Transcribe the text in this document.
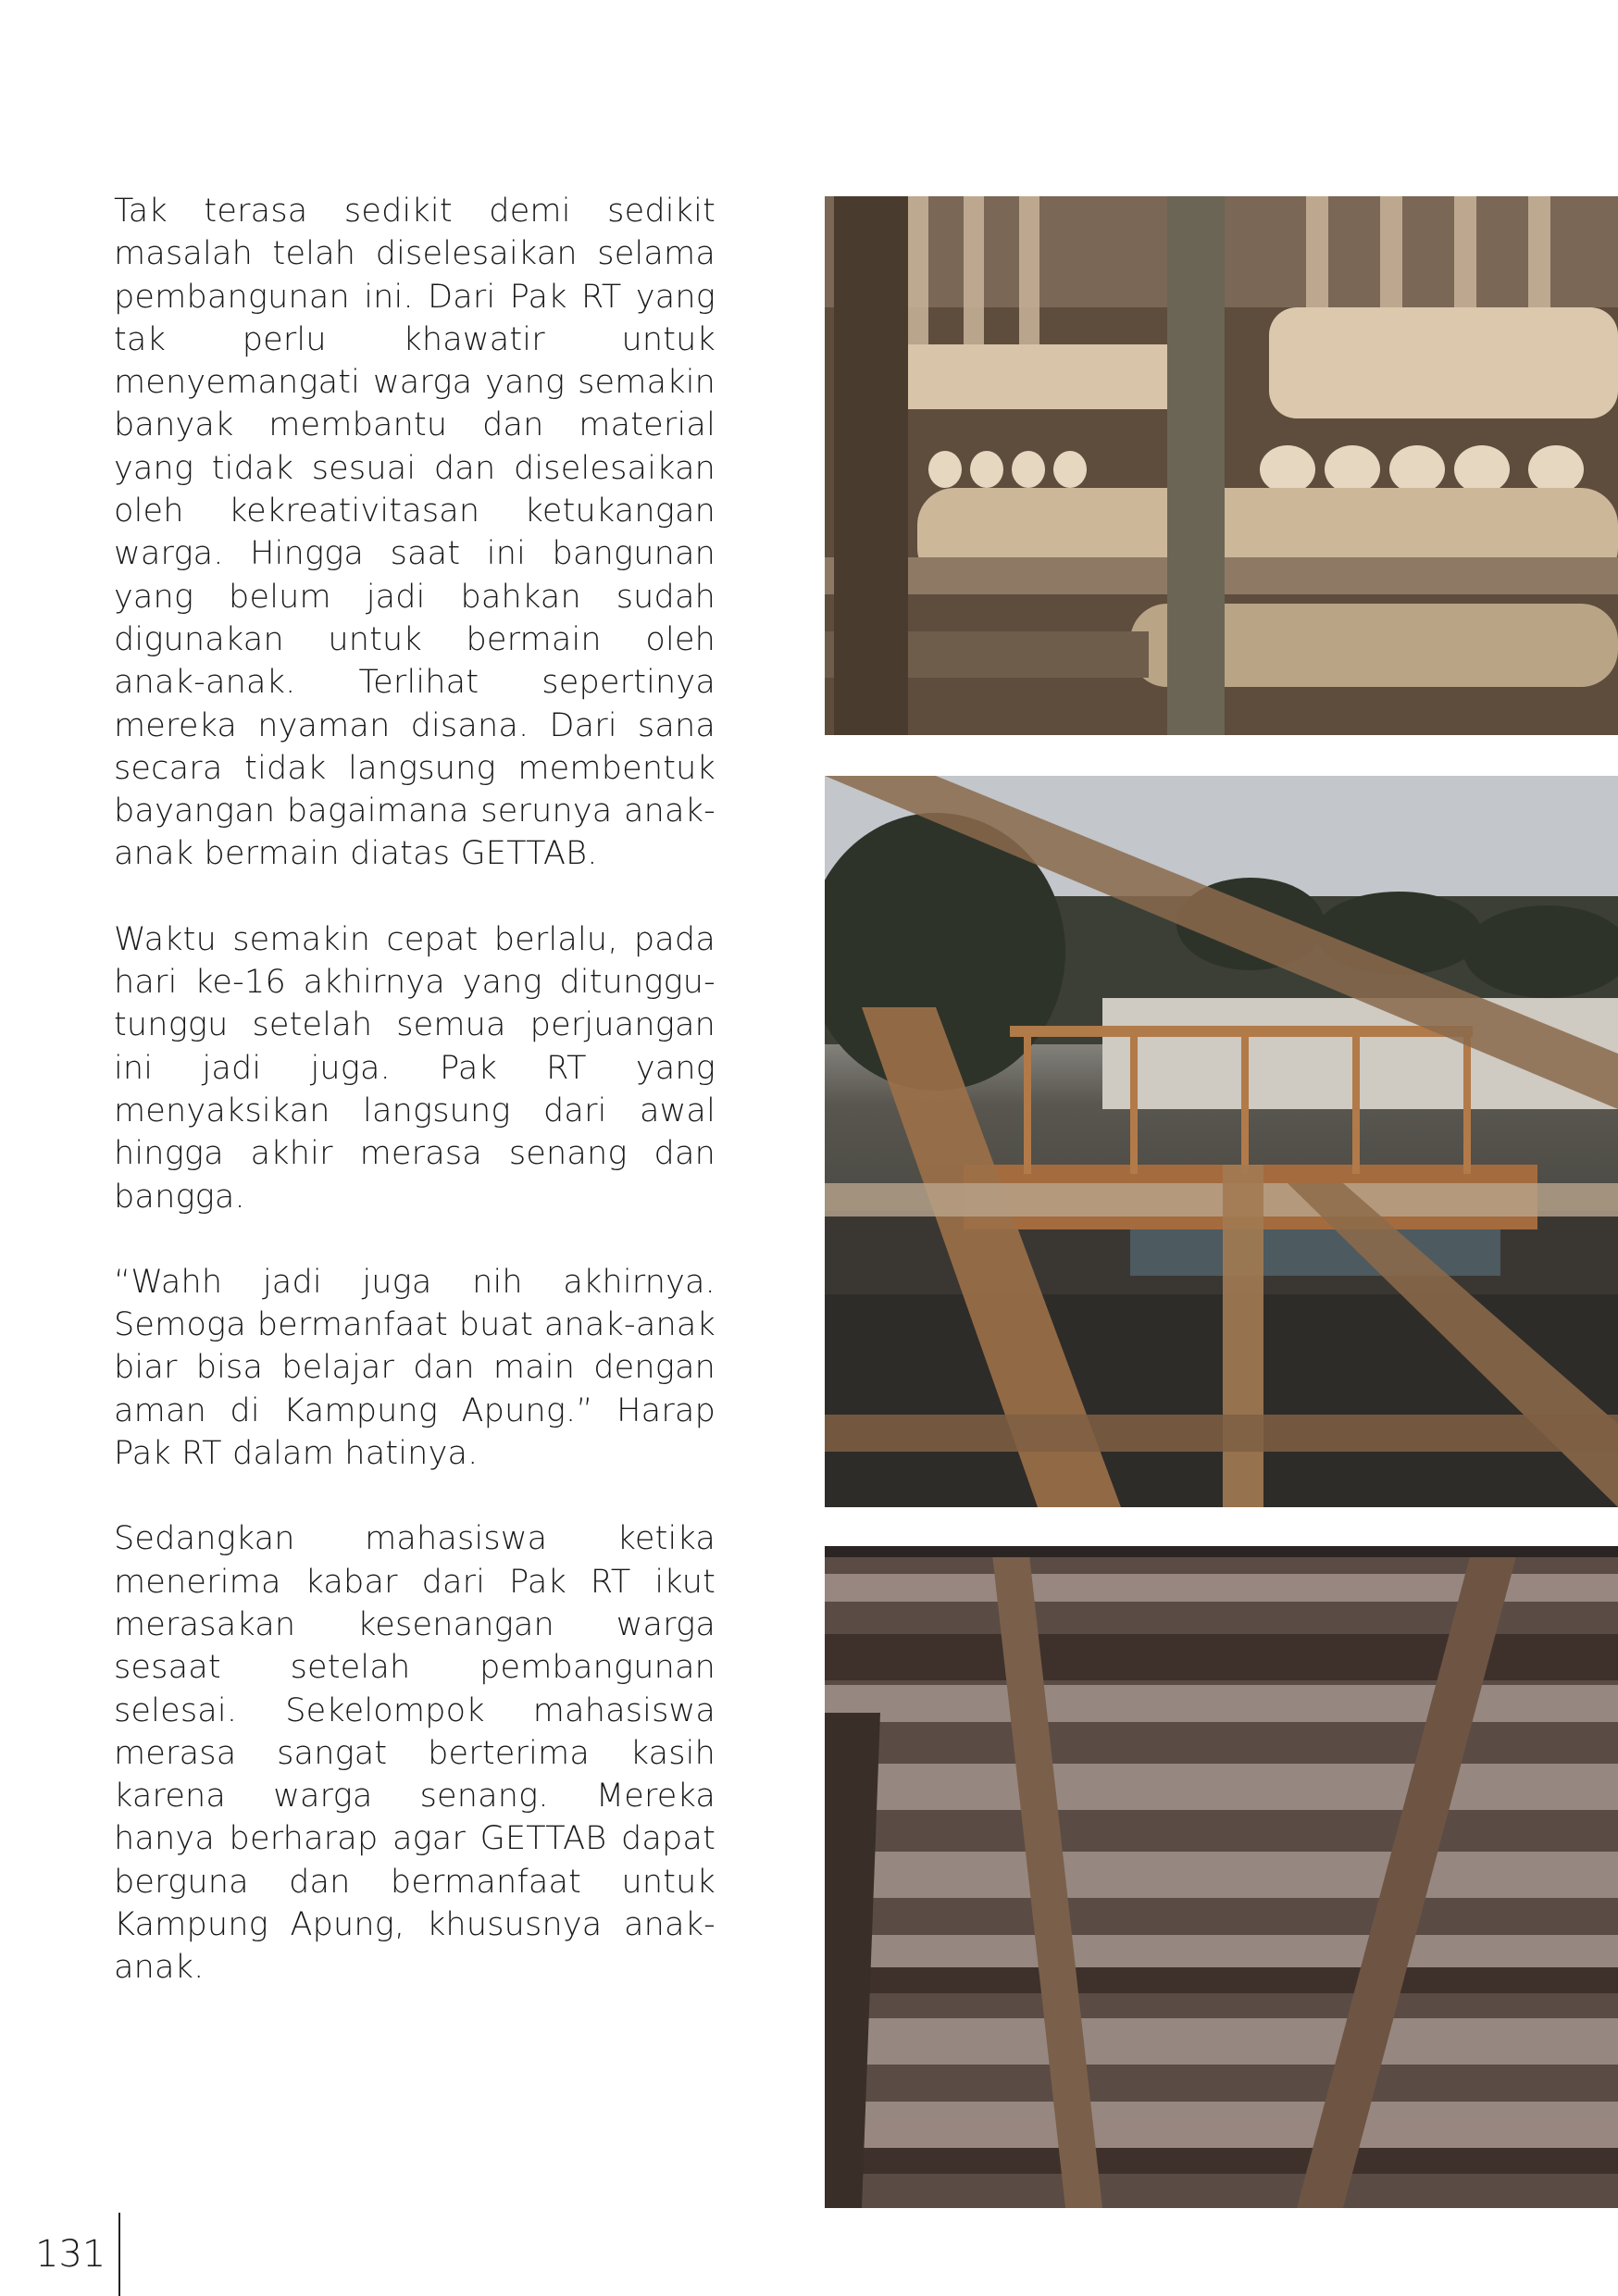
Tak terasa sedikit demi sedikit masalah telah diselesaikan selama pembangunan ini. Dari Pak RT yang tak perlu khawatir untuk menyemangati warga yang semakin banyak membantu dan material yang tidak sesuai dan diselesaikan oleh kekreativitasan ketukangan warga. Hingga saat ini bangunan yang belum jadi bahkan sudah digunakan untuk bermain oleh anak-anak. Terlihat sepertinya mereka nyaman disana. Dari sana secara tidak langsung membentuk bayangan bagaimana serunya anak-anak bermain diatas GETTAB.

Waktu semakin cepat berlalu, pada hari ke-16 akhirnya yang ditunggu-tunggu setelah semua perjuangan ini jadi juga. Pak RT yang menyaksikan langsung dari awal hingga akhir merasa senang dan bangga.

“Wahh jadi juga nih akhirnya. Semoga bermanfaat buat anak-anak biar bisa belajar dan main dengan aman di Kampung Apung.” Harap Pak RT dalam hatinya.

Sedangkan mahasiswa ketika menerima kabar dari Pak RT ikut merasakan kesenangan warga sesaat setelah pembangunan selesai. Sekelompok mahasiswa merasa sangat berterima kasih karena warga senang. Mereka hanya berharap agar GETTAB dapat berguna dan bermanfaat untuk Kampung Apung, khususnya anak-anak.

131
